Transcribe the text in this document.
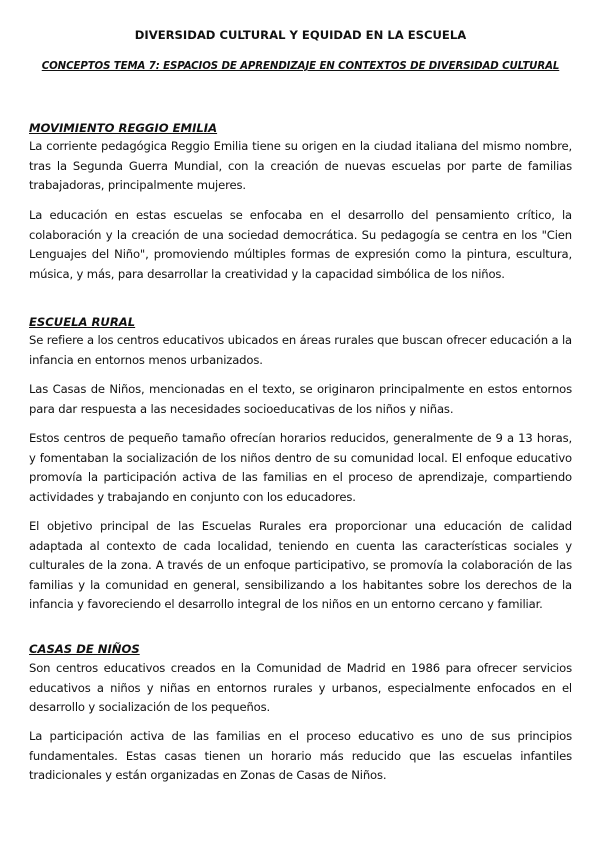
DIVERSIDAD CULTURAL Y EQUIDAD EN LA ESCUELA
CONCEPTOS TEMA 7: ESPACIOS DE APRENDIZAJE EN CONTEXTOS DE DIVERSIDAD CULTURAL
MOVIMIENTO REGGIO EMILIA

La corriente pedagógica Reggio Emilia tiene su origen en la ciudad italiana del mismo nombre, tras la Segunda Guerra Mundial, con la creación de nuevas escuelas por parte de familias trabajadoras, principalmente mujeres.

La educación en estas escuelas se enfocaba en el desarrollo del pensamiento crítico, la colaboración y la creación de una sociedad democrática. Su pedagogía se centra en los "Cien Lenguajes del Niño", promoviendo múltiples formas de expresión como la pintura, escultura, música, y más, para desarrollar la creatividad y la capacidad simbólica de los niños.

ESCUELA RURAL

Se refiere a los centros educativos ubicados en áreas rurales que buscan ofrecer educación a la infancia en entornos menos urbanizados.

Las Casas de Niños, mencionadas en el texto, se originaron principalmente en estos entornos para dar respuesta a las necesidades socioeducativas de los niños y niñas.

Estos centros de pequeño tamaño ofrecían horarios reducidos, generalmente de 9 a 13 horas, y fomentaban la socialización de los niños dentro de su comunidad local. El enfoque educativo promovía la participación activa de las familias en el proceso de aprendizaje, compartiendo actividades y trabajando en conjunto con los educadores.

El objetivo principal de las Escuelas Rurales era proporcionar una educación de calidad adaptada al contexto de cada localidad, teniendo en cuenta las características sociales y culturales de la zona. A través de un enfoque participativo, se promovía la colaboración de las familias y la comunidad en general, sensibilizando a los habitantes sobre los derechos de la infancia y favoreciendo el desarrollo integral de los niños en un entorno cercano y familiar.

CASAS DE NIÑOS

Son centros educativos creados en la Comunidad de Madrid en 1986 para ofrecer servicios educativos a niños y niñas en entornos rurales y urbanos, especialmente enfocados en el desarrollo y socialización de los pequeños.

La participación activa de las familias en el proceso educativo es uno de sus principios fundamentales. Estas casas tienen un horario más reducido que las escuelas infantiles tradicionales y están organizadas en Zonas de Casas de Niños.
